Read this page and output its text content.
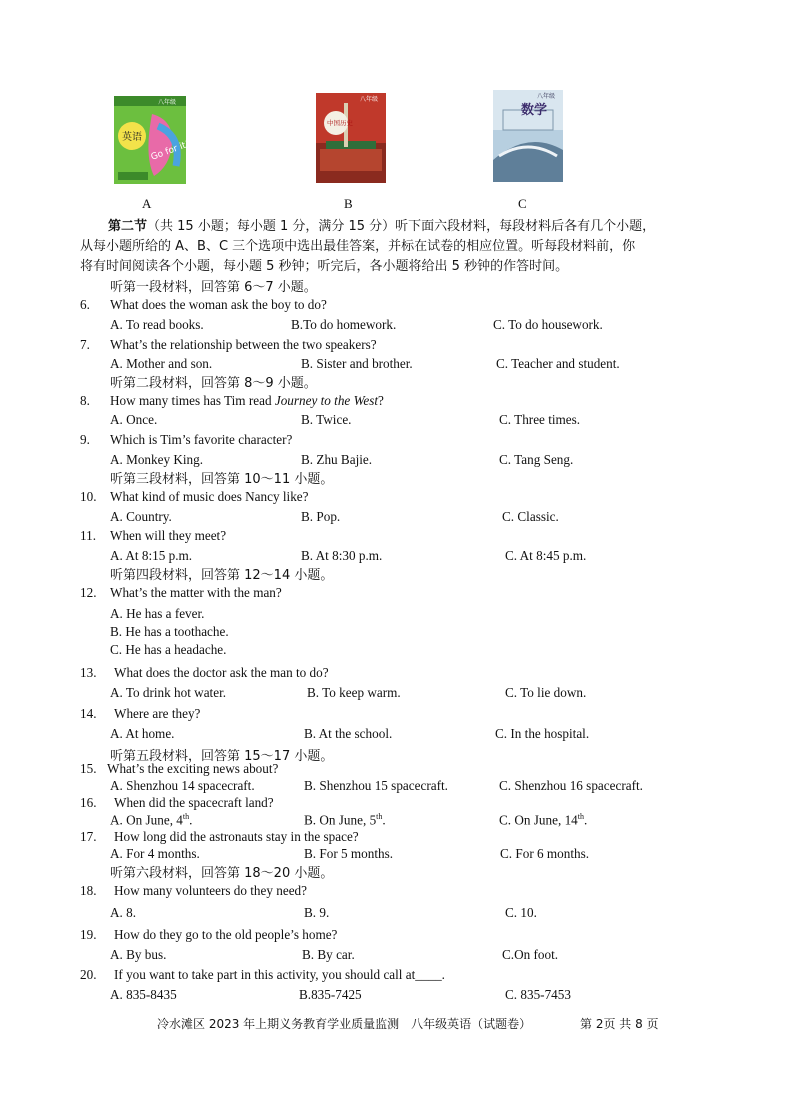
英语
Go for it!
八年级
中国历史
八年级
数学
八年级
A	B	C
第二节（共 15 小题；每小题 1 分，满分 15 分）听下面六段材料，每段材料后各有几个小题，
从每小题所给的 A、B、C 三个选项中选出最佳答案，并标在试卷的相应位置。听每段材料前，你
将有时间阅读各个小题，每小题 5 秒钟；听完后，各小题将给出 5 秒钟的作答时间。
听第一段材料，回答第 6～7 小题。
听第二段材料，回答第 8～9 小题。
听第三段材料，回答第 10～11 小题。
听第四段材料，回答第 12～14 小题。
听第五段材料，回答第 15～17 小题。
听第六段材料，回答第 18～20 小题。
6. What does the woman ask the boy to do?
A. To read books.	B.To do homework.	C. To do housework.
7. What’s the relationship between the two speakers?
A. Mother and son.	B. Sister and brother.	C. Teacher and student.
8. How many times has Tim read Journey to the West?
A. Once.	B. Twice.	C. Three times.
9. Which is Tim’s favorite character?
A. Monkey King.	B. Zhu Bajie.	C. Tang Seng.
10. What kind of music does Nancy like?
A. Country.	B. Pop.	C. Classic.
11. When will they meet?
A. At 8:15 p.m.	B. At 8:30 p.m.	C. At 8:45 p.m.
12. What’s the matter with the man?
A. He has a fever.
B. He has a toothache.
C. He has a headache.
13. What does the doctor ask the man to do?
A. To drink hot water.	B. To keep warm.	C. To lie down.
14. Where are they?
A. At home.	B. At the school.	C. In the hospital.
15. What’s the exciting news about?
A. Shenzhou 14 spacecraft.	B. Shenzhou 15 spacecraft.	C. Shenzhou 16 spacecraft.
16. When did the spacecraft land?
A. On June, 4th.	B. On June, 5th.	C. On June, 14th.
17. How long did the astronauts stay in the space?
A. For 4 months.	B. For 5 months.	C. For 6 months.
18. How many volunteers do they need?
A. 8.	B. 9.	C. 10.
19. How do they go to the old people’s home?
A. By bus.	B. By car.	C.On foot.
20. If you want to take part in this activity, you should call at____.
A. 835-8435	B.835-7425	C. 835-7453
冷水滩区 2023 年上期义务教育学业质量监测　八年级英语（试题卷）	第 2页 共 8 页
